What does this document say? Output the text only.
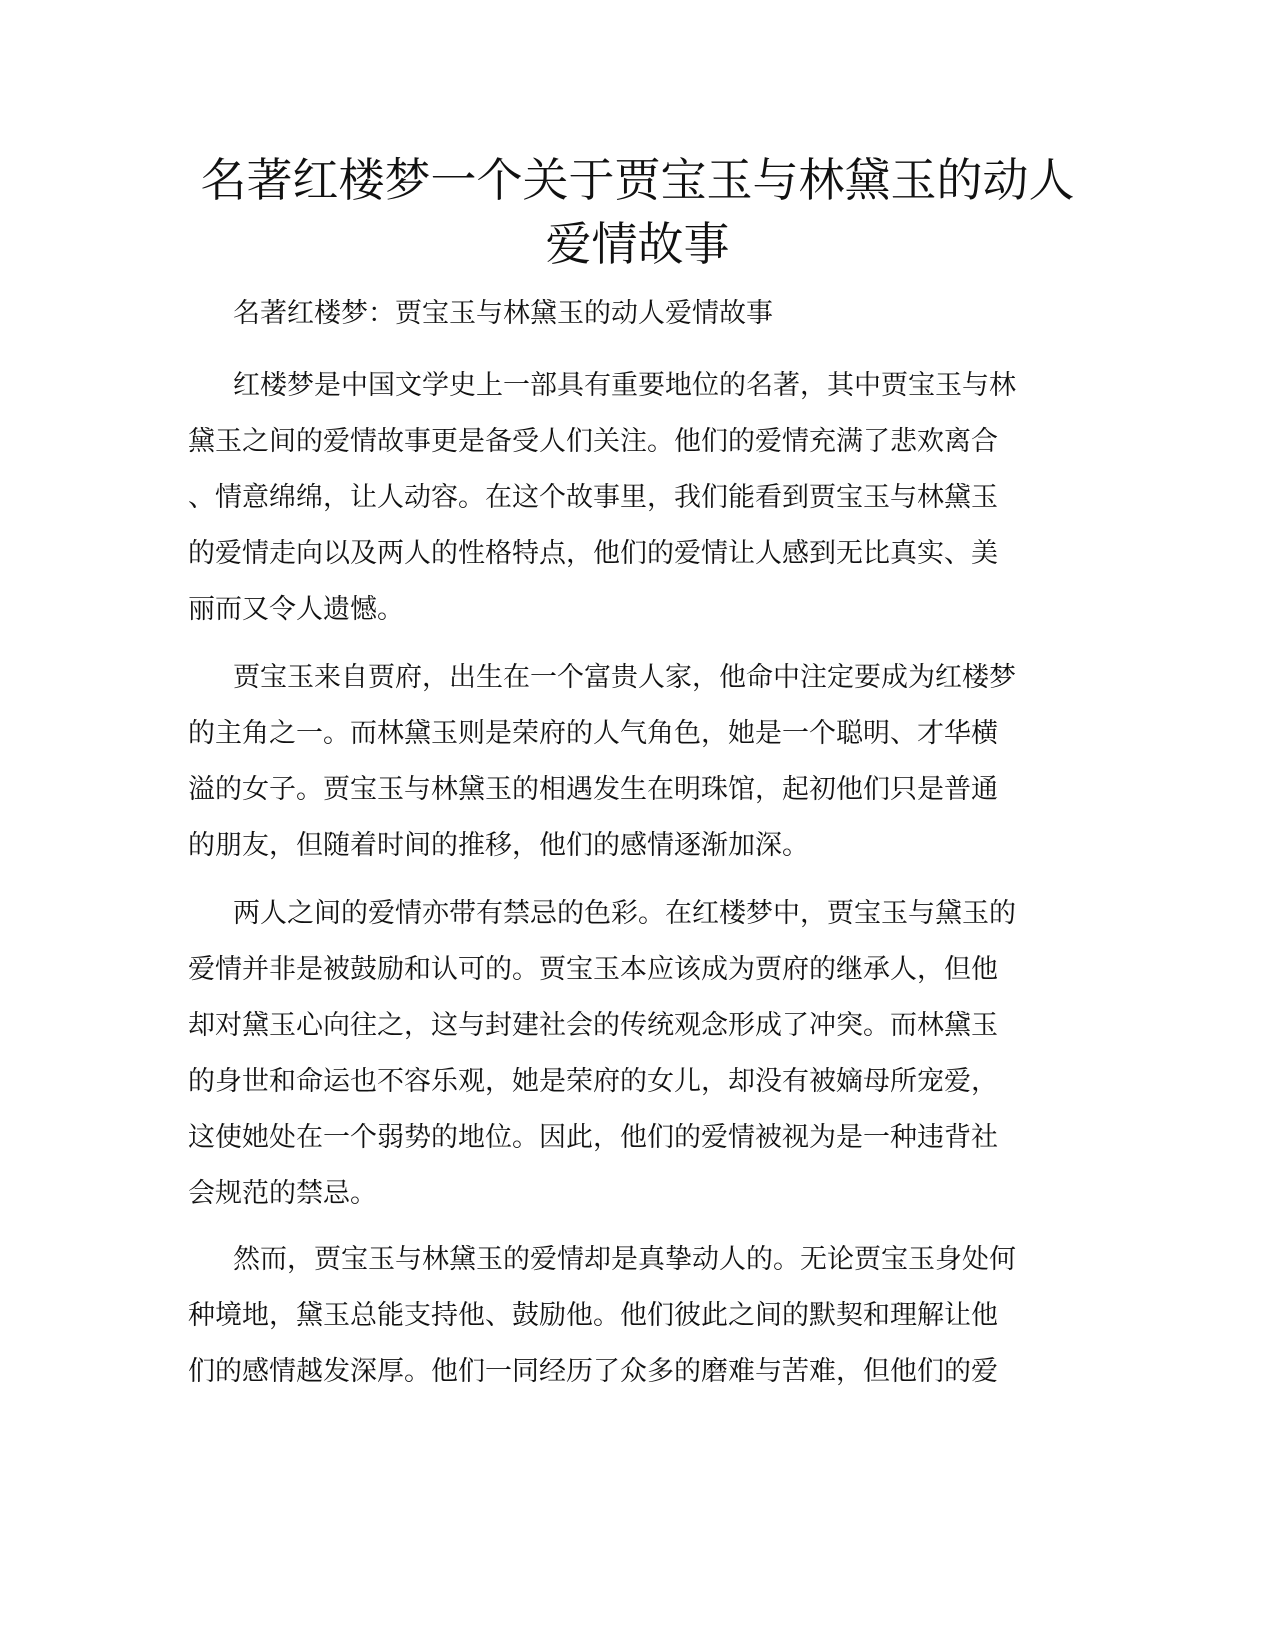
名著红楼梦一个关于贾宝玉与林黛玉的动人
爱情故事
名著红楼梦：贾宝玉与林黛玉的动人爱情故事
红楼梦是中国文学史上一部具有重要地位的名著，其中贾宝玉与林
黛玉之间的爱情故事更是备受人们关注。他们的爱情充满了悲欢离合
、情意绵绵，让人动容。在这个故事里，我们能看到贾宝玉与林黛玉
的爱情走向以及两人的性格特点，他们的爱情让人感到无比真实、美
丽而又令人遗憾。
贾宝玉来自贾府，出生在一个富贵人家，他命中注定要成为红楼梦
的主角之一。而林黛玉则是荣府的人气角色，她是一个聪明、才华横
溢的女子。贾宝玉与林黛玉的相遇发生在明珠馆，起初他们只是普通
的朋友，但随着时间的推移，他们的感情逐渐加深。
两人之间的爱情亦带有禁忌的色彩。在红楼梦中，贾宝玉与黛玉的
爱情并非是被鼓励和认可的。贾宝玉本应该成为贾府的继承人，但他
却对黛玉心向往之，这与封建社会的传统观念形成了冲突。而林黛玉
的身世和命运也不容乐观，她是荣府的女儿，却没有被嫡母所宠爱，
这使她处在一个弱势的地位。因此，他们的爱情被视为是一种违背社
会规范的禁忌。
然而，贾宝玉与林黛玉的爱情却是真挚动人的。无论贾宝玉身处何
种境地，黛玉总能支持他、鼓励他。他们彼此之间的默契和理解让他
们的感情越发深厚。他们一同经历了众多的磨难与苦难，但他们的爱
